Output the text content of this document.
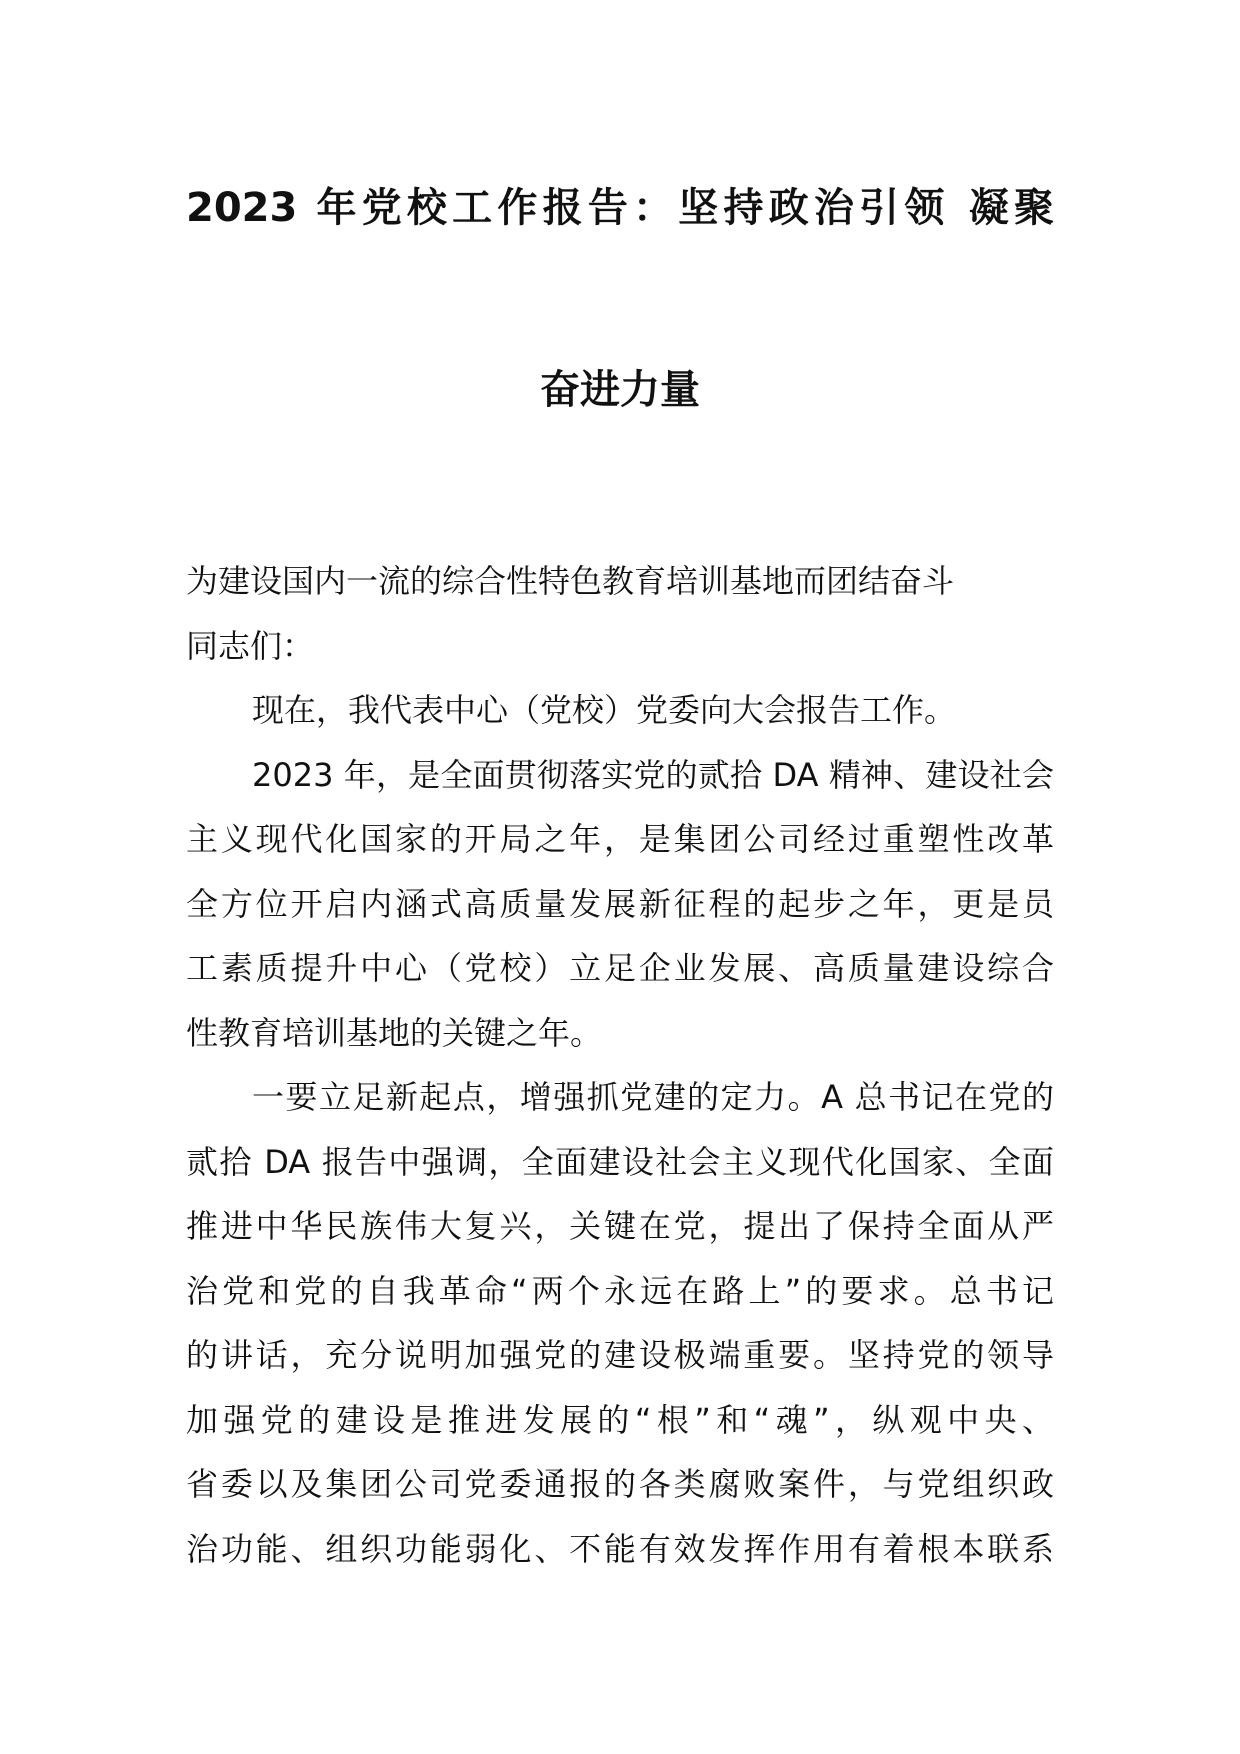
2023 年党校工作报告：坚持政治引领 凝聚
奋进力量
为建设国内一流的综合性特色教育培训基地而团结奋斗
同志们：
现在，我代表中心（党校）党委向大会报告工作。
2023 年，是全面贯彻落实党的贰拾 DA 精神、建设社会
主义现代化国家的开局之年，是集团公司经过重塑性改革
全方位开启内涵式高质量发展新征程的起步之年，更是员
工素质提升中心（党校）立足企业发展、高质量建设综合
性教育培训基地的关键之年。
一要立足新起点，增强抓党建的定力。A 总书记在党的
贰拾 DA 报告中强调，全面建设社会主义现代化国家、全面
推进中华民族伟大复兴，关键在党，提出了保持全面从严
治党和党的自我革命“两个永远在路上”的要求。总书记
的讲话，充分说明加强党的建设极端重要。坚持党的领导
加强党的建设是推进发展的“根”和“魂”，纵观中央、
省委以及集团公司党委通报的各类腐败案件，与党组织政
治功能、组织功能弱化、不能有效发挥作用有着根本联系
